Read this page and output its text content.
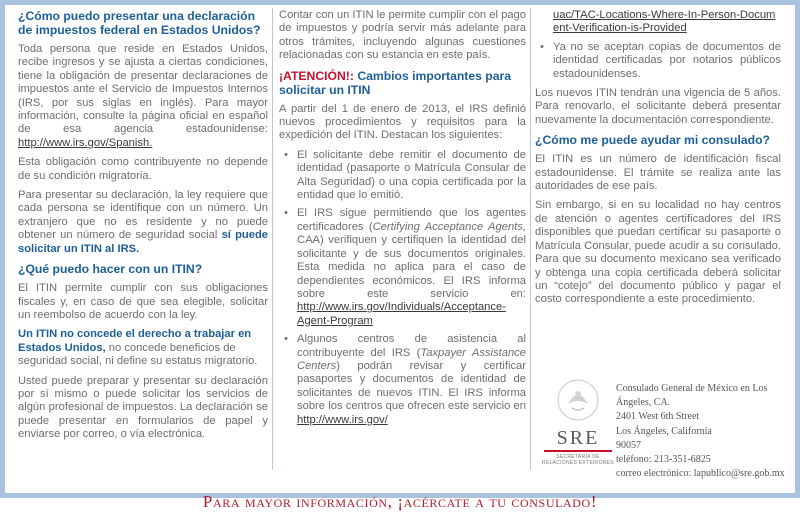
¿Cómo puedo presentar una declaración de impuestos federal en Estados Unidos?

Toda persona que reside en Estados Unidos, recibe ingresos y se ajusta a ciertas condiciones, tiene la obligación de presentar declaraciones de impuestos ante el Servicio de Impuestos Internos (IRS, por sus siglas en inglés). Para mayor información, consulte la página oficial en español de esa agencia estadounidense: http://www.irs.gov/Spanish.

Esta obligación como contribuyente no depende de su condición migratoria.

Para presentar su declaración, la ley requiere que cada persona se identifique con un número. Un extranjero que no es residente y no puede obtener un número de seguridad social sí puede solicitar un ITIN al IRS.

¿Qué puedo hacer con un ITIN?

El ITIN permite cumplir con sus obligaciones fiscales y, en caso de que sea elegible, solicitar un reembolso de acuerdo con la ley.

Un ITIN no concede el derecho a trabajar en Estados Unidos, no concede beneficios de seguridad social, ni define su estatus migratorio.

Usted puede preparar y presentar su declaración por sí mismo o puede solicitar los servicios de algún profesional de impuestos. La declaración se puede presentar en formularios de papel y enviarse por correo, o vía electrónica.

Contar con un ITIN le permite cumplir con el pago de impuestos y podría servir más adelante para otros trámites, incluyendo algunas cuestiones relacionadas con su estancia en este país.

¡ATENCIÓN!: Cambios importantes para solicitar un ITIN

A partir del 1 de enero de 2013, el IRS definió nuevos procedimientos y requisitos para la expedición del ITIN. Destacan los siguientes:

• El solicitante debe remitir el documento de identidad (pasaporte o Matrícula Consular de Alta Seguridad) o una copia certificada por la entidad que lo emitió.
• El IRS sigue permitiendo que los agentes certificadores (Certifying Acceptance Agents, CAA) verifiquen y certifiquen la identidad del solicitante y de sus documentos originales. Esta medida no aplica para el caso de dependientes económicos. El IRS informa sobre este servicio en: http://www.irs.gov/Individuals/Acceptance-Agent-Program
• Algunos centros de asistencia al contribuyente del IRS (Taxpayer Assistance Centers) podrán revisar y certificar pasaportes y documentos de identidad de solicitantes de nuevos ITIN. El IRS informa sobre los centros que ofrecen este servicio en http://www.irs.gov/
uac/TAC-Locations-Where-In-Person-Document-Verification-is-Provided
• Ya no se aceptan copias de documentos de identidad certificadas por notarios públicos estadounidenses.

Los nuevos ITIN tendrán una vigencia de 5 años. Para renovarlo, el solicitante deberá presentar nuevamente la documentación correspondiente.

¿Cómo me puede ayudar mi consulado?

El ITIN es un número de identificación fiscal estadounidense. El trámite se realiza ante las autoridades de ese país.

Sin embargo, si en su localidad no hay centros de atención o agentes certificadores del IRS disponibles que puedan certificar su pasaporte o Matrícula Consular, puede acudir a su consulado. Para que su documento mexicano sea verificado y obtenga una copia certificada deberá solicitar un “cotejo” del documento público y pagar el costo correspondiente a este procedimiento.

SRE
SECRETARÍA DE RELACIONES EXTERIORES
Consulado General de México en Los Ángeles, CA.
2401 West 6th Street
Los Ángeles, California
90057
teléfono: 213-351-6825
correo electrónico: lapublico@sre.gob.mx
Para mayor información, ¡acércate a tu consulado!
